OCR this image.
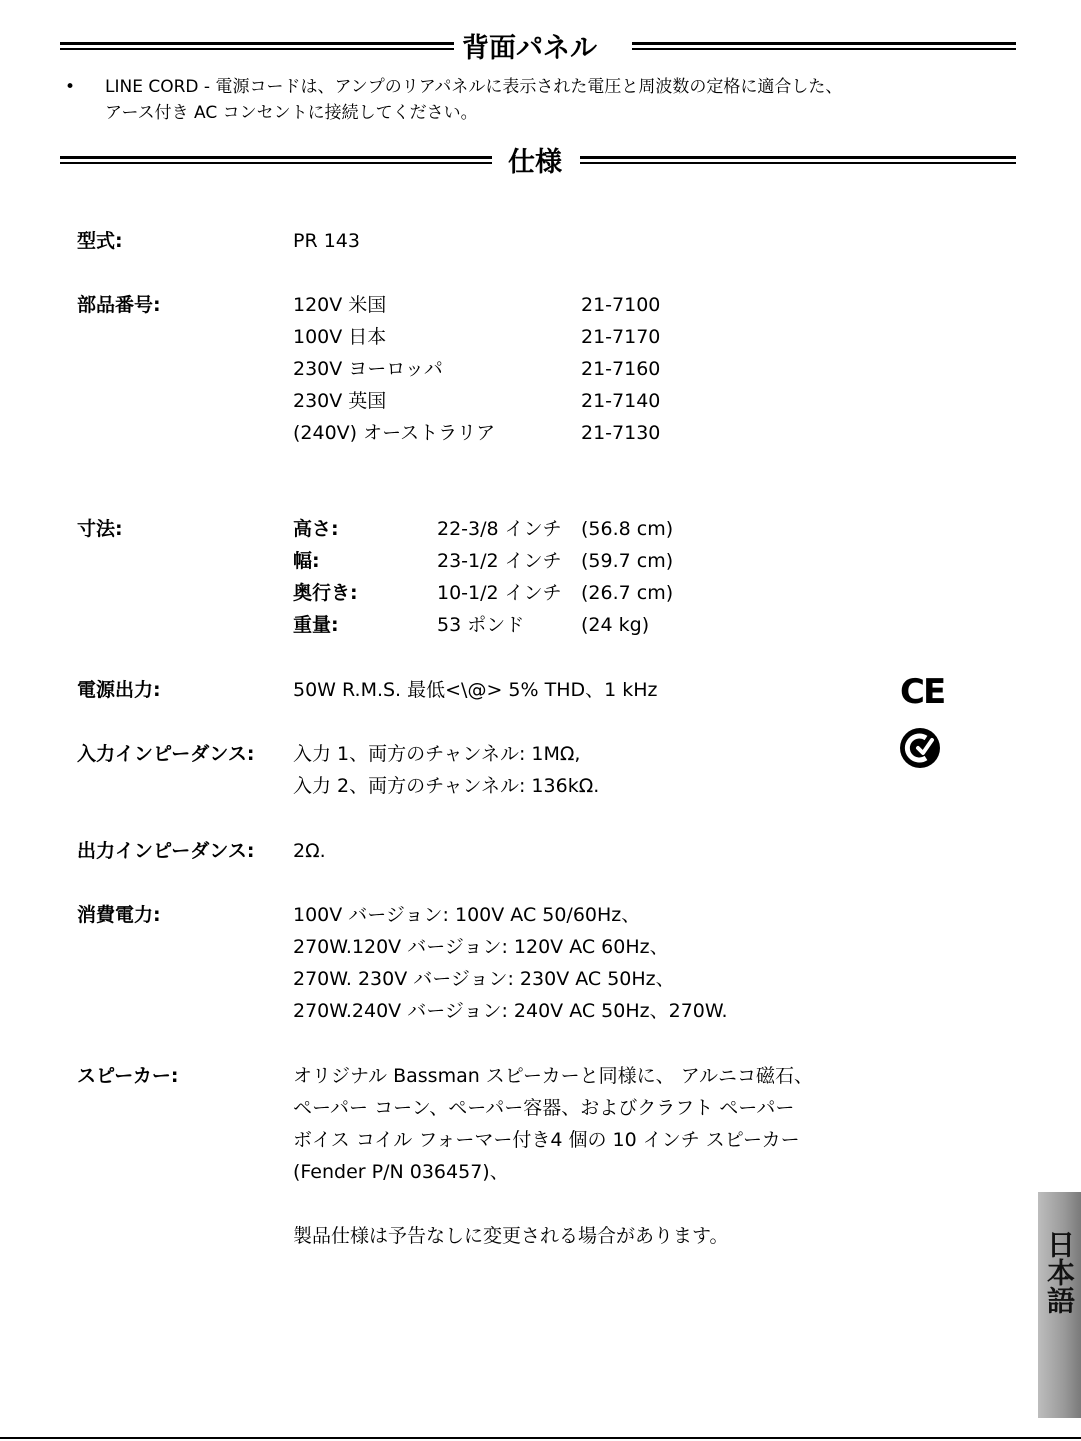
背面パネル
• LINE CORD - 電源コードは、アンプのリアパネルに表示された電圧と周波数の定格に適合した、
アース付き AC コンセントに接続してください。
仕様
型式:	PR 143
部品番号:	120V 米国	21-7100
100V 日本	21-7170
230V ヨーロッパ	21-7160
230V 英国	21-7140
(240V) オーストラリア	21-7130
寸法:	高さ:	22-3/8 インチ (56.8 cm)
幅:	23-1/2 インチ (59.7 cm)
奥行き:	10-1/2 インチ (26.7 cm)
重量:	53 ポンド	(24 kg)
電源出力:	50W R.M.S. 最低<\@> 5% THD、1 kHz
入力インピーダンス: 入力 1、両方のチャンネル: 1MΩ,
入力 2、両方のチャンネル: 136kΩ.
出力インピーダンス: 2Ω.
消費電力:	100V バージョン: 100V AC 50/60Hz、
270W.120V バージョン: 120V AC 60Hz、
270W. 230V バージョン: 230V AC 50Hz、
270W.240V バージョン: 240V AC 50Hz、270W.
スピーカー:	オリジナル Bassman スピーカーと同様に、 アルニコ磁石、
ペーパー コーン、ペーパー容器、およびクラフト ペーパー
ボイス コイル フォーマー付き4 個の 10 インチ スピーカー
(Fender P/N 036457)、
製品仕様は予告なしに変更される場合があります。
CE
日本語
